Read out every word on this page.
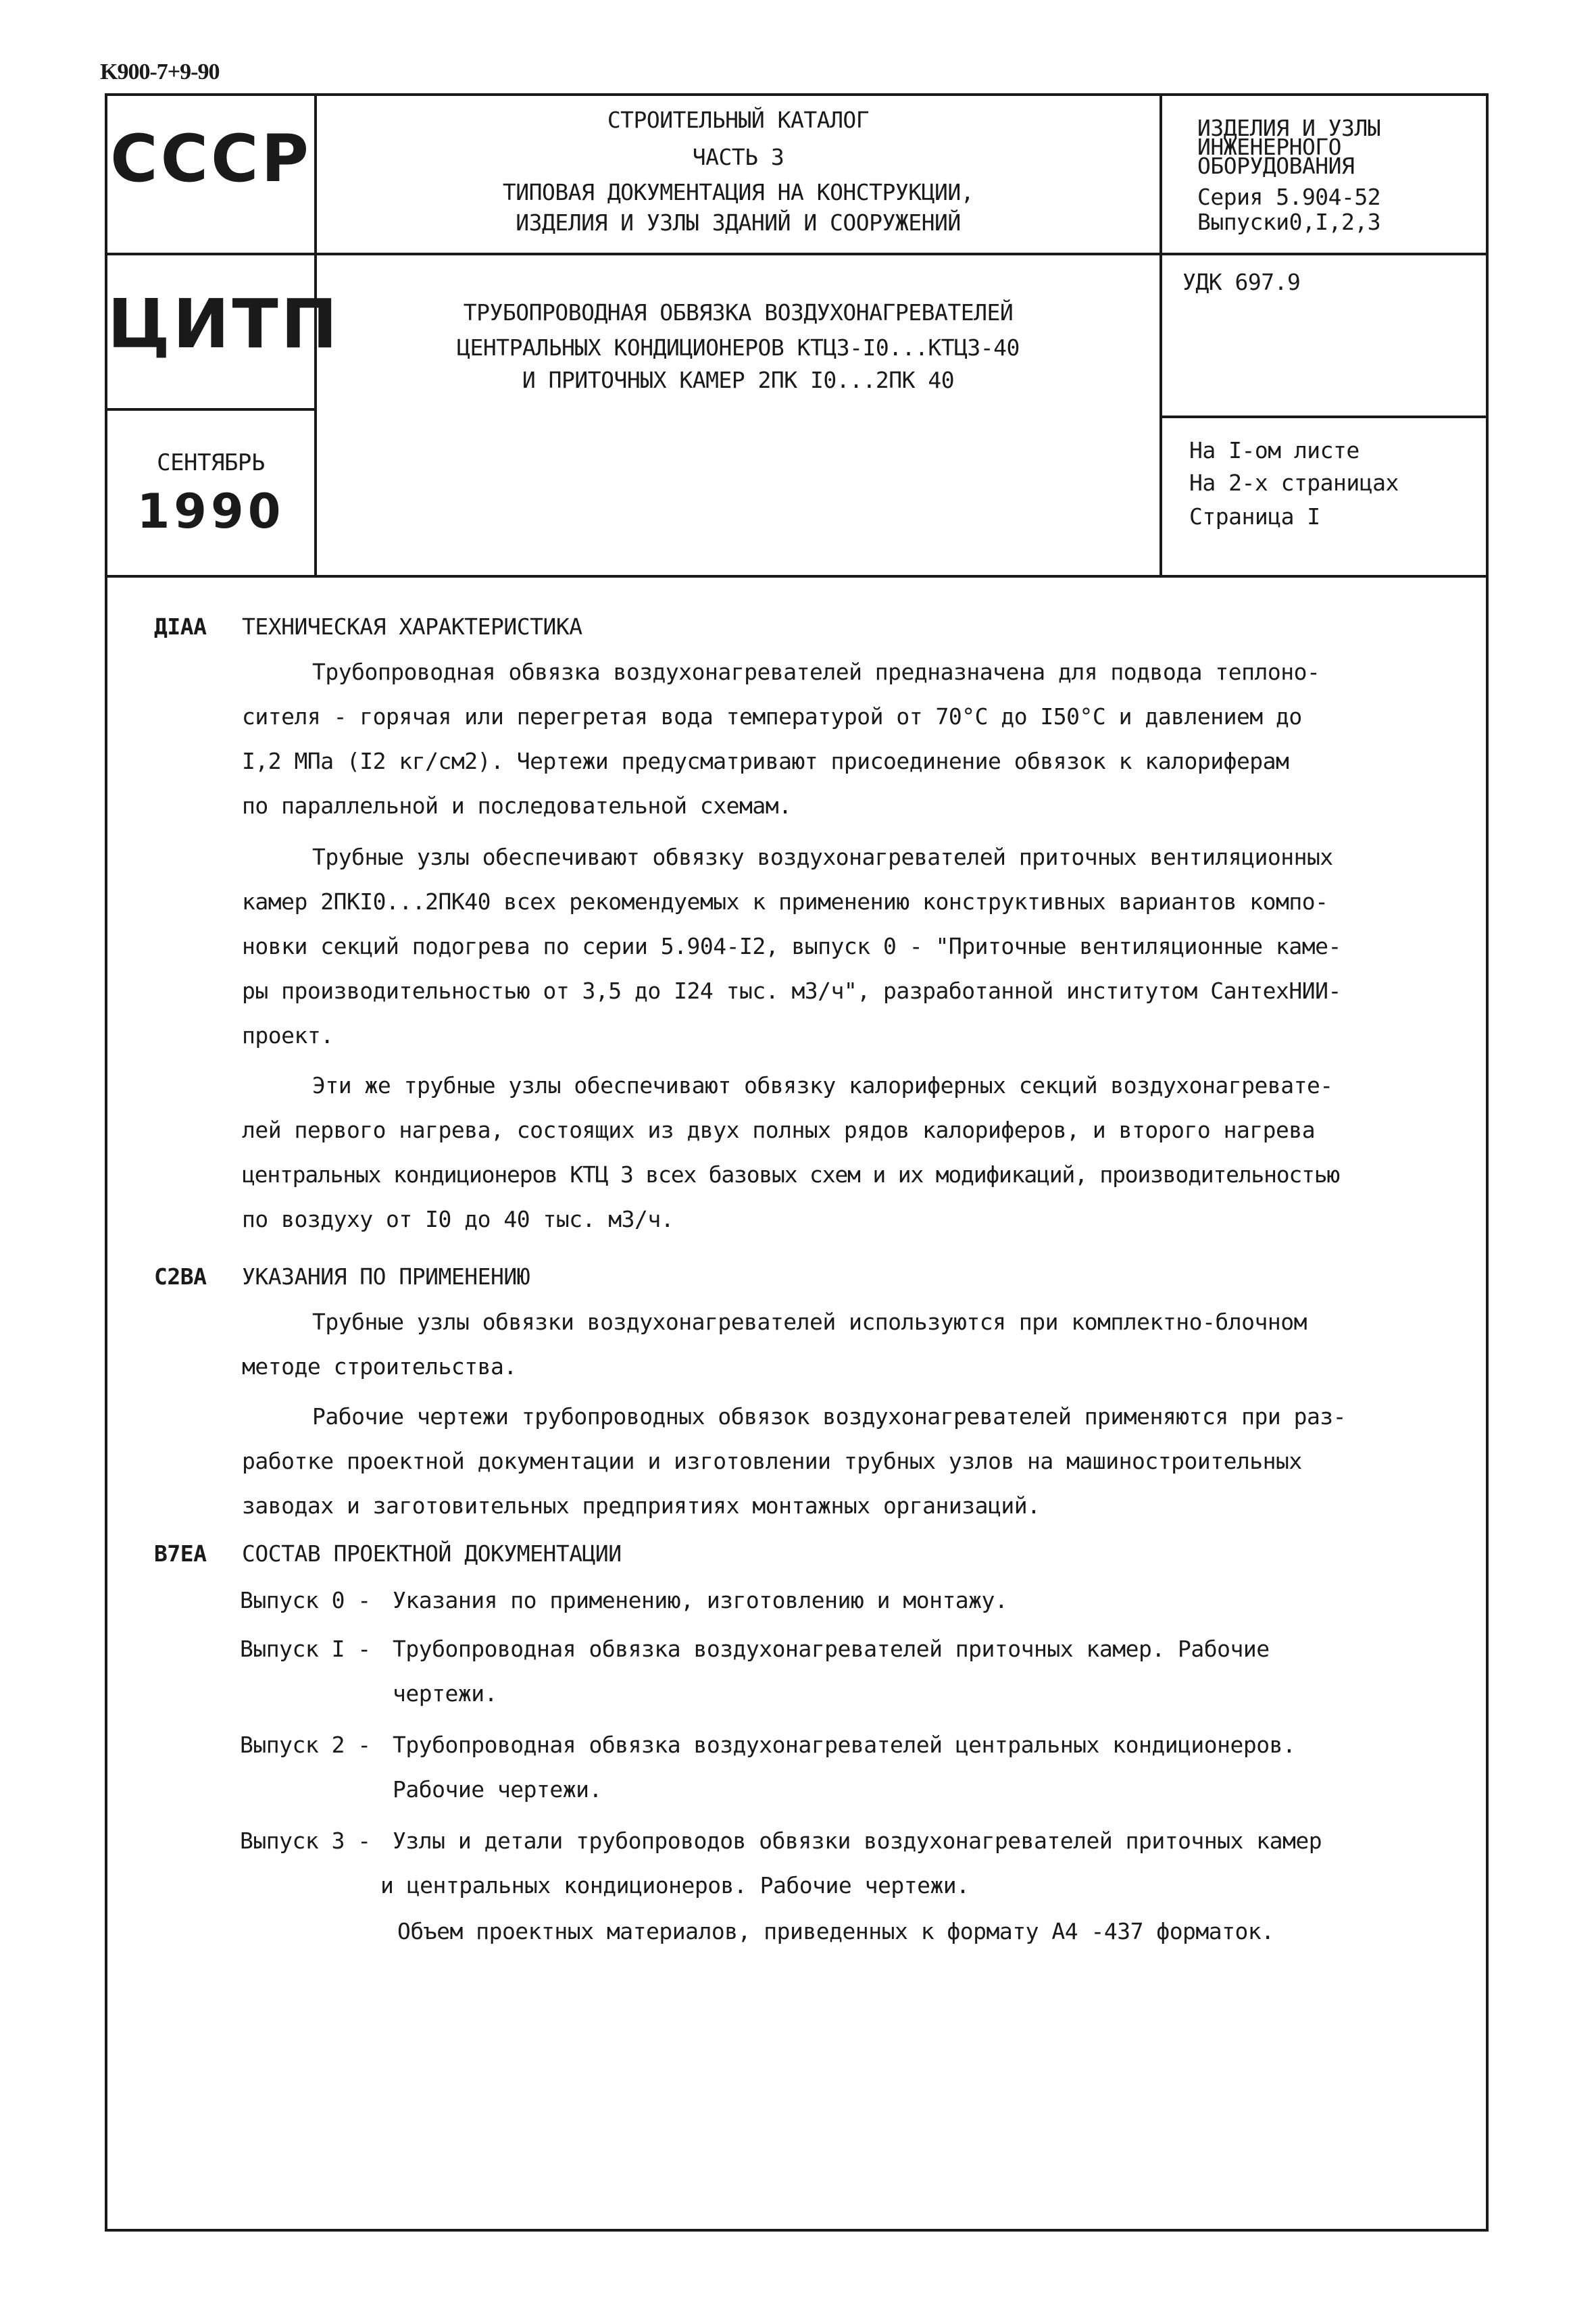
K900-7+9-90
СССР
ЦИТП
СЕНТЯБРЬ
1990
СТРОИТЕЛЬНЫЙ КАТАЛОГ
ЧАСТЬ 3
ТИПОВАЯ ДОКУМЕНТАЦИЯ НА КОНСТРУКЦИИ,
ИЗДЕЛИЯ И УЗЛЫ ЗДАНИЙ И СООРУЖЕНИЙ
ТРУБОПРОВОДНАЯ ОБВЯЗКА ВОЗДУХОНАГРЕВАТЕЛЕЙ
ЦЕНТРАЛЬНЫХ КОНДИЦИОНЕРОВ КТЦЗ-I0...КТЦЗ-40
И ПРИТОЧНЫХ КАМЕР 2ПК I0...2ПК 40
ИЗДЕЛИЯ И УЗЛЫ
ИНЖЕНЕРНОГО
ОБОРУДОВАНИЯ
Серия 5.904-52
Выпуски0,I,2,3
УДК 697.9
На I-ом листе
На 2-х страницах
Страница I
ДIАА ТЕХНИЧЕСКАЯ ХАРАКТЕРИСТИКА
Трубопроводная обвязка воздухонагревателей предназначена для подвода теплоно-
сителя - горячая или перегретая вода температурой от 70°С до I50°С и давлением до
I,2 МПа (I2 кг/см2). Чертежи предусматривают присоединение обвязок к калориферам
по параллельной и последовательной схемам.
Трубные узлы обеспечивают обвязку воздухонагревателей приточных вентиляционных
камер 2ПКI0...2ПК40 всех рекомендуемых к применению конструктивных вариантов компо-
новки секций подогрева по серии 5.904-I2, выпуск 0 - "Приточные вентиляционные каме-
ры производительностью от 3,5 до I24 тыс. м3/ч", разработанной институтом СантехНИИ-
проект.
Эти же трубные узлы обеспечивают обвязку калориферных секций воздухонагревате-
лей первого нагрева, состоящих из двух полных рядов калориферов, и второго нагрева
центральных кондиционеров КТЦ 3 всех базовых схем и их модификаций, производительностью
по воздуху от I0 до 40 тыс. м3/ч.
С2ВА УКАЗАНИЯ ПО ПРИМЕНЕНИЮ
Трубные узлы обвязки воздухонагревателей используются при комплектно-блочном
методе строительства.
Рабочие чертежи трубопроводных обвязок воздухонагревателей применяются при раз-
работке проектной документации и изготовлении трубных узлов на машиностроительных
заводах и заготовительных предприятиях монтажных организаций.
В7ЕА СОСТАВ ПРОЕКТНОЙ ДОКУМЕНТАЦИИ
Выпуск 0 - Указания по применению, изготовлению и монтажу.
Выпуск I - Трубопроводная обвязка воздухонагревателей приточных камер. Рабочие
чертежи.
Выпуск 2 - Трубопроводная обвязка воздухонагревателей центральных кондиционеров.
Рабочие чертежи.
Выпуск 3 - Узлы и детали трубопроводов обвязки воздухонагревателей приточных камер
и центральных кондиционеров. Рабочие чертежи.
Объем проектных материалов, приведенных к формату А4 -437 форматок.
